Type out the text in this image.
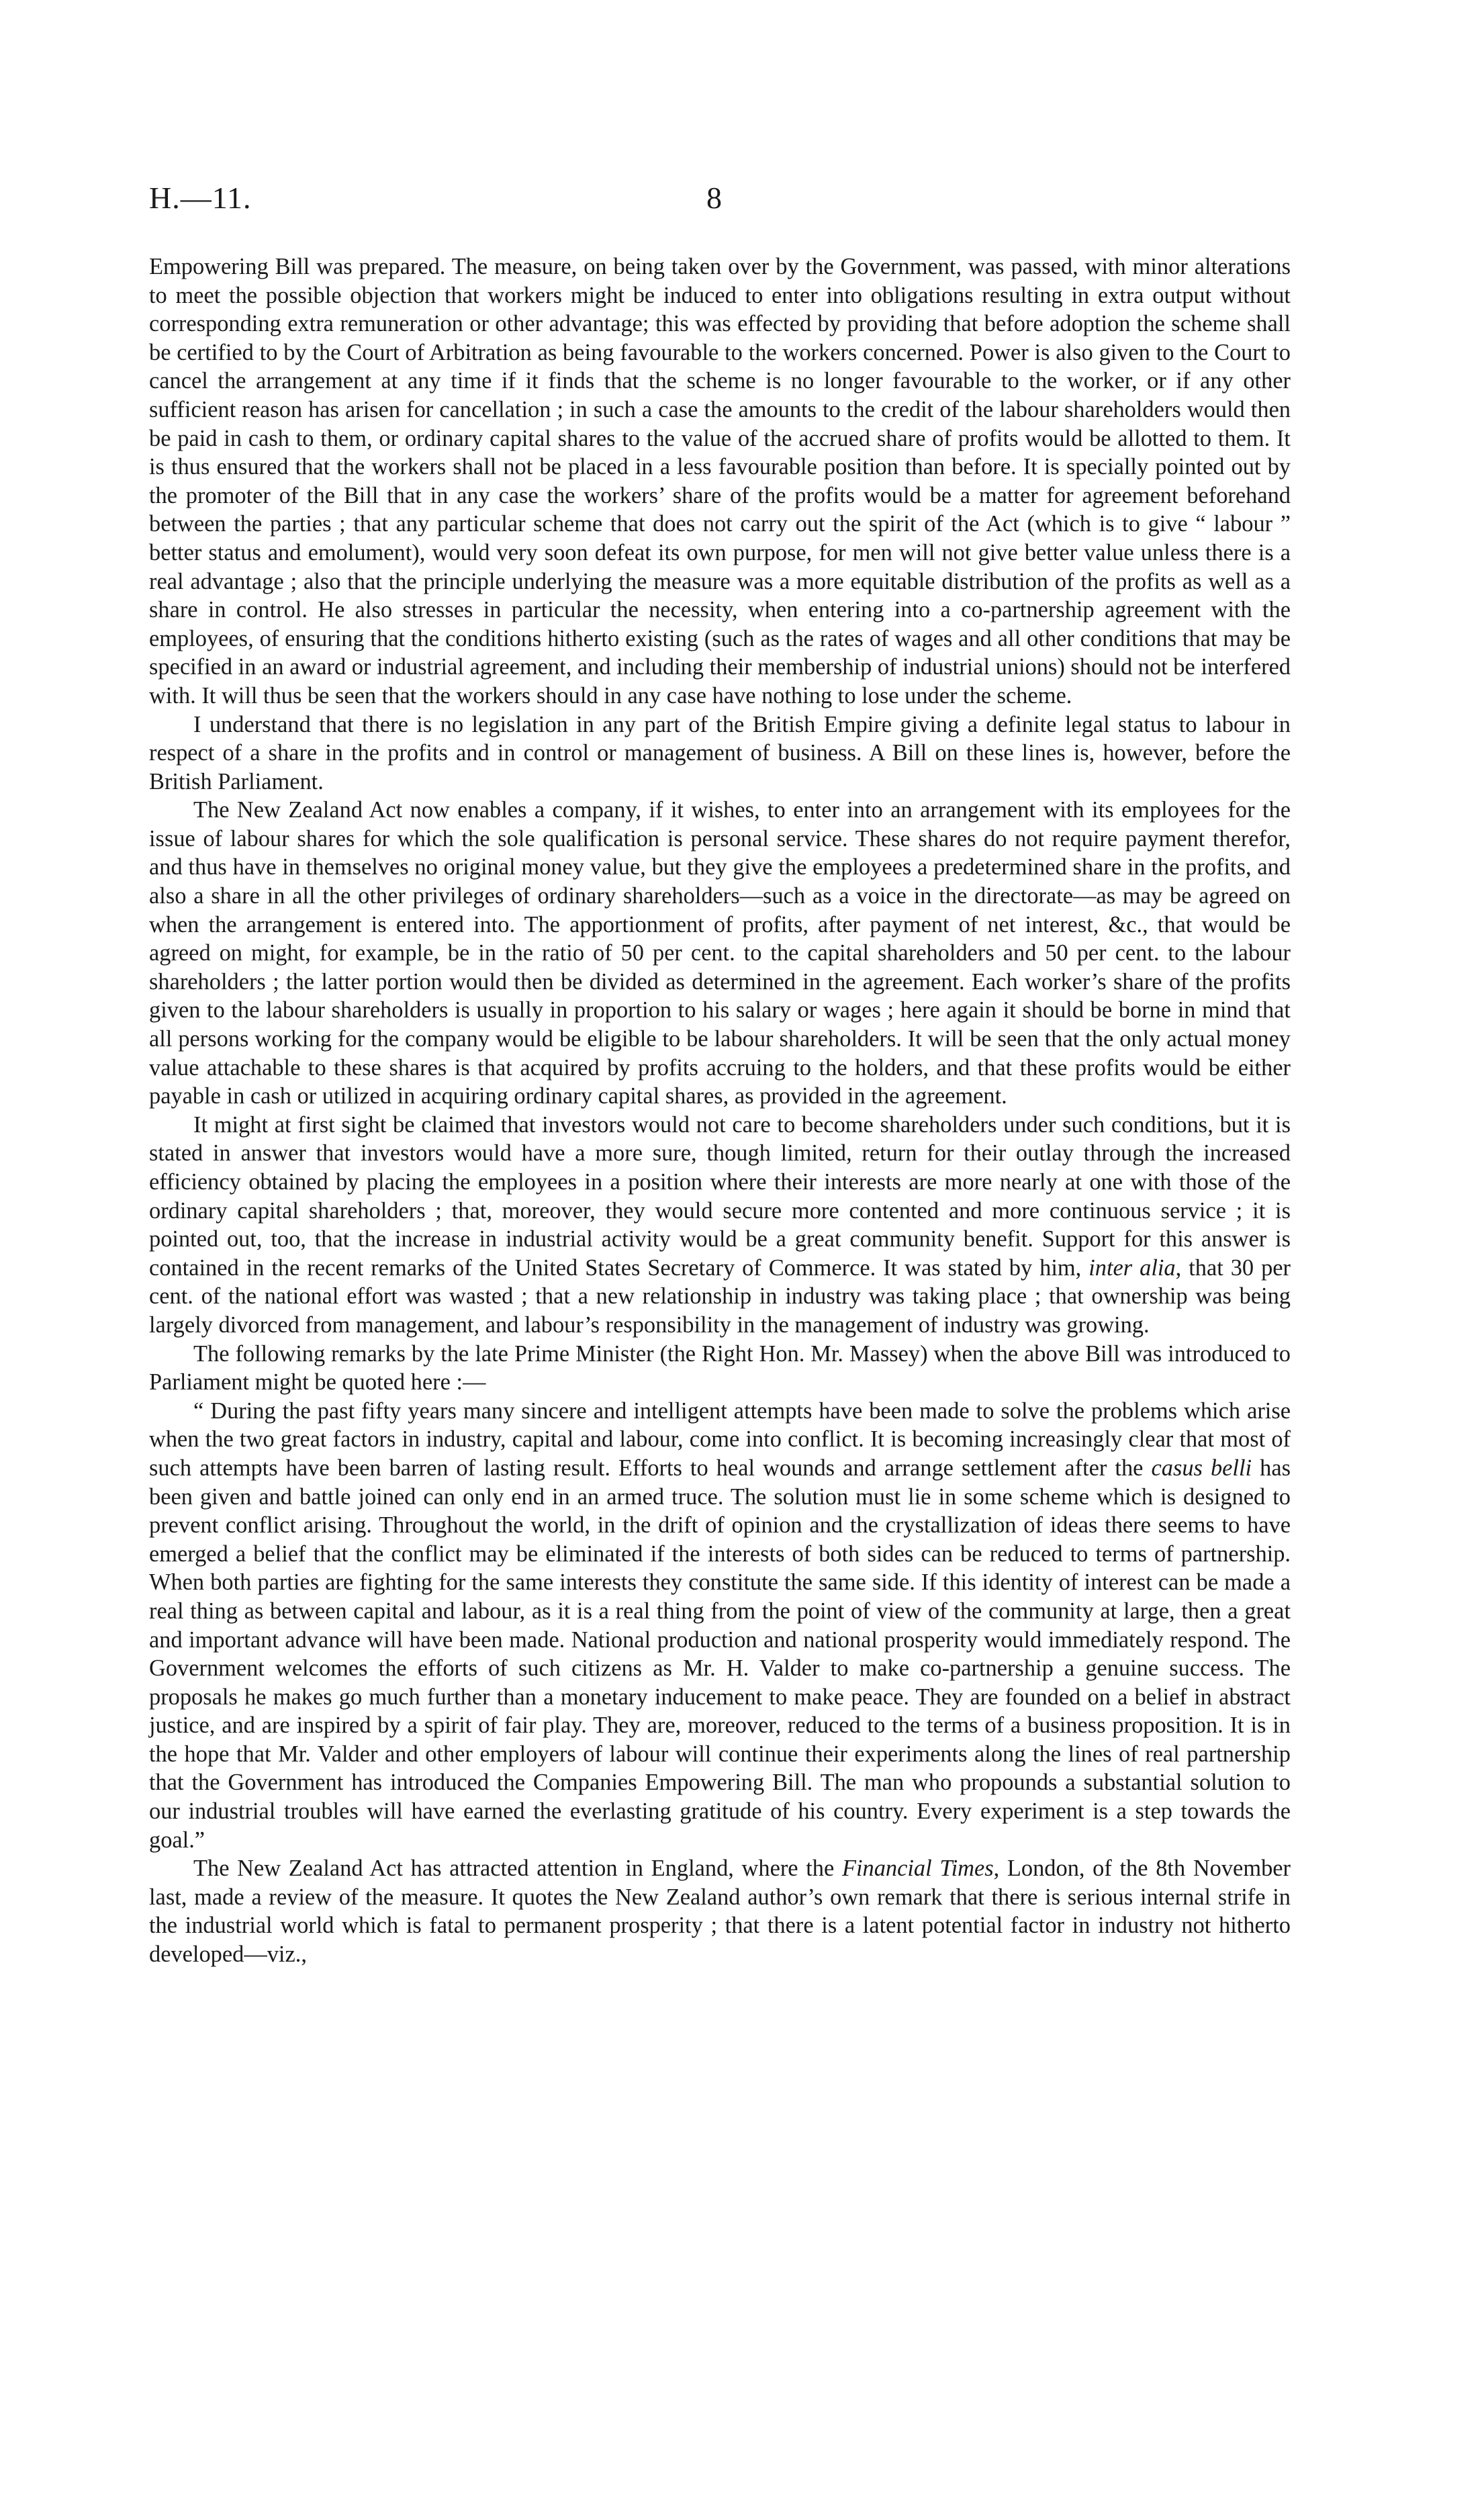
H.—11.	8

Empowering Bill was prepared. The measure, on being taken over by the Government, was passed, with minor alterations to meet the possible objection that workers might be induced to enter into obligations resulting in extra output without corresponding extra remuneration or other advantage; this was effected by providing that before adoption the scheme shall be certified to by the Court of Arbitration as being favourable to the workers concerned. Power is also given to the Court to cancel the arrangement at any time if it finds that the scheme is no longer favourable to the worker, or if any other sufficient reason has arisen for cancellation ; in such a case the amounts to the credit of the labour shareholders would then be paid in cash to them, or ordinary capital shares to the value of the accrued share of profits would be allotted to them. It is thus ensured that the workers shall not be placed in a less favourable position than before. It is specially pointed out by the promoter of the Bill that in any case the workers’ share of the profits would be a matter for agreement beforehand between the parties ; that any particular scheme that does not carry out the spirit of the Act (which is to give “ labour ” better status and emolument), would very soon defeat its own purpose, for men will not give better value unless there is a real advantage ; also that the principle underlying the measure was a more equitable distribution of the profits as well as a share in control. He also stresses in particular the necessity, when entering into a co-partnership agreement with the employees, of ensuring that the conditions hitherto existing (such as the rates of wages and all other conditions that may be specified in an award or industrial agreement, and including their membership of industrial unions) should not be interfered with. It will thus be seen that the workers should in any case have nothing to lose under the scheme.

I understand that there is no legislation in any part of the British Empire giving a definite legal status to labour in respect of a share in the profits and in control or management of business. A Bill on these lines is, however, before the British Parliament.

The New Zealand Act now enables a company, if it wishes, to enter into an arrangement with its employees for the issue of labour shares for which the sole qualification is personal service. These shares do not require payment therefor, and thus have in themselves no original money value, but they give the employees a predetermined share in the profits, and also a share in all the other privileges of ordinary shareholders—such as a voice in the directorate—as may be agreed on when the arrangement is entered into. The apportionment of profits, after payment of net interest, &c., that would be agreed on might, for example, be in the ratio of 50 per cent. to the capital shareholders and 50 per cent. to the labour shareholders ; the latter portion would then be divided as determined in the agreement. Each worker’s share of the profits given to the labour shareholders is usually in proportion to his salary or wages ; here again it should be borne in mind that all persons working for the company would be eligible to be labour shareholders. It will be seen that the only actual money value attachable to these shares is that acquired by profits accruing to the holders, and that these profits would be either payable in cash or utilized in acquiring ordinary capital shares, as provided in the agreement.

It might at first sight be claimed that investors would not care to become shareholders under such conditions, but it is stated in answer that investors would have a more sure, though limited, return for their outlay through the increased efficiency obtained by placing the employees in a position where their interests are more nearly at one with those of the ordinary capital shareholders ; that, moreover, they would secure more contented and more continuous service ; it is pointed out, too, that the increase in industrial activity would be a great community benefit. Support for this answer is contained in the recent remarks of the United States Secretary of Commerce. It was stated by him, inter alia, that 30 per cent. of the national effort was wasted ; that a new relationship in industry was taking place ; that ownership was being largely divorced from management, and labour’s responsibility in the management of industry was growing.

The following remarks by the late Prime Minister (the Right Hon. Mr. Massey) when the above Bill was introduced to Parliament might be quoted here :—

“ During the past fifty years many sincere and intelligent attempts have been made to solve the problems which arise when the two great factors in industry, capital and labour, come into conflict. It is becoming increasingly clear that most of such attempts have been barren of lasting result. Efforts to heal wounds and arrange settlement after the casus belli has been given and battle joined can only end in an armed truce. The solution must lie in some scheme which is designed to prevent conflict arising. Throughout the world, in the drift of opinion and the crystallization of ideas there seems to have emerged a belief that the conflict may be eliminated if the interests of both sides can be reduced to terms of partnership. When both parties are fighting for the same interests they constitute the same side. If this identity of interest can be made a real thing as between capital and labour, as it is a real thing from the point of view of the community at large, then a great and important advance will have been made. National production and national prosperity would immediately respond. The Government welcomes the efforts of such citizens as Mr. H. Valder to make co-partnership a genuine success. The proposals he makes go much further than a monetary inducement to make peace. They are founded on a belief in abstract justice, and are inspired by a spirit of fair play. They are, moreover, reduced to the terms of a business proposition. It is in the hope that Mr. Valder and other employers of labour will continue their experiments along the lines of real partnership that the Government has introduced the Companies Empowering Bill. The man who propounds a substantial solution to our industrial troubles will have earned the everlasting gratitude of his country. Every experiment is a step towards the goal.”

The New Zealand Act has attracted attention in England, where the Financial Times, London, of the 8th November last, made a review of the measure. It quotes the New Zealand author’s own remark that there is serious internal strife in the industrial world which is fatal to permanent prosperity ; that there is a latent potential factor in industry not hitherto developed—viz.,
